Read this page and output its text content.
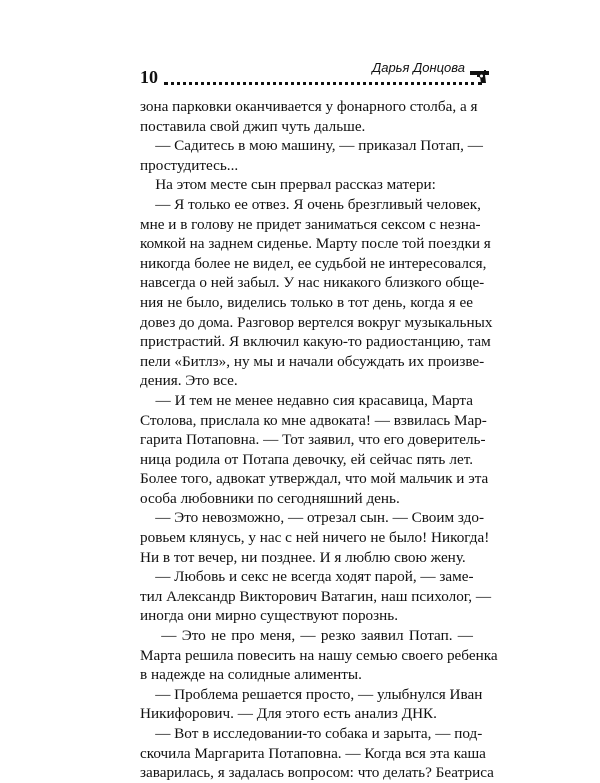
10	Дарья Донцова
зона парковки оканчивается у фонарного столба, а я
поставила свой джип чуть дальше.
— Садитесь в мою машину, — приказал Потап, —
простудитесь...
На этом месте сын прервал рассказ матери:
— Я только ее отвез. Я очень брезгливый человек,
мне и в голову не придет заниматься сексом с незна-
комкой на заднем сиденье. Марту после той поездки я
никогда более не видел, ее судьбой не интересовался,
навсегда о ней забыл. У нас никакого близкого обще-
ния не было, виделись только в тот день, когда я ее
довез до дома. Разговор вертелся вокруг музыкальных
пристрастий. Я включил какую-то радиостанцию, там
пели «Битлз», ну мы и начали обсуждать их произве-
дения. Это все.
— И тем не менее недавно сия красавица, Марта
Столова, прислала ко мне адвоката! — взвилась Мар-
гарита Потаповна. — Тот заявил, что его доверитель-
ница родила от Потапа девочку, ей сейчас пять лет.
Более того, адвокат утверждал, что мой мальчик и эта
особа любовники по сегодняшний день.
— Это невозможно, — отрезал сын. — Своим здо-
ровьем клянусь, у нас с ней ничего не было! Никогда!
Ни в тот вечер, ни позднее. И я люблю свою жену.
— Любовь и секс не всегда ходят парой, — заме-
тил Александр Викторович Ватагин, наш психолог, —
иногда они мирно существуют порознь.
— Это не про меня, — резко заявил Потап. —
Марта решила повесить на нашу семью своего ребенка
в надежде на солидные алименты.
— Проблема решается просто, — улыбнулся Иван
Никифорович. — Для этого есть анализ ДНК.
— Вот в исследовании-то собака и зарыта, — под-
скочила Маргарита Потаповна. — Когда вся эта каша
заварилась, я задалась вопросом: что делать? Беатриса
